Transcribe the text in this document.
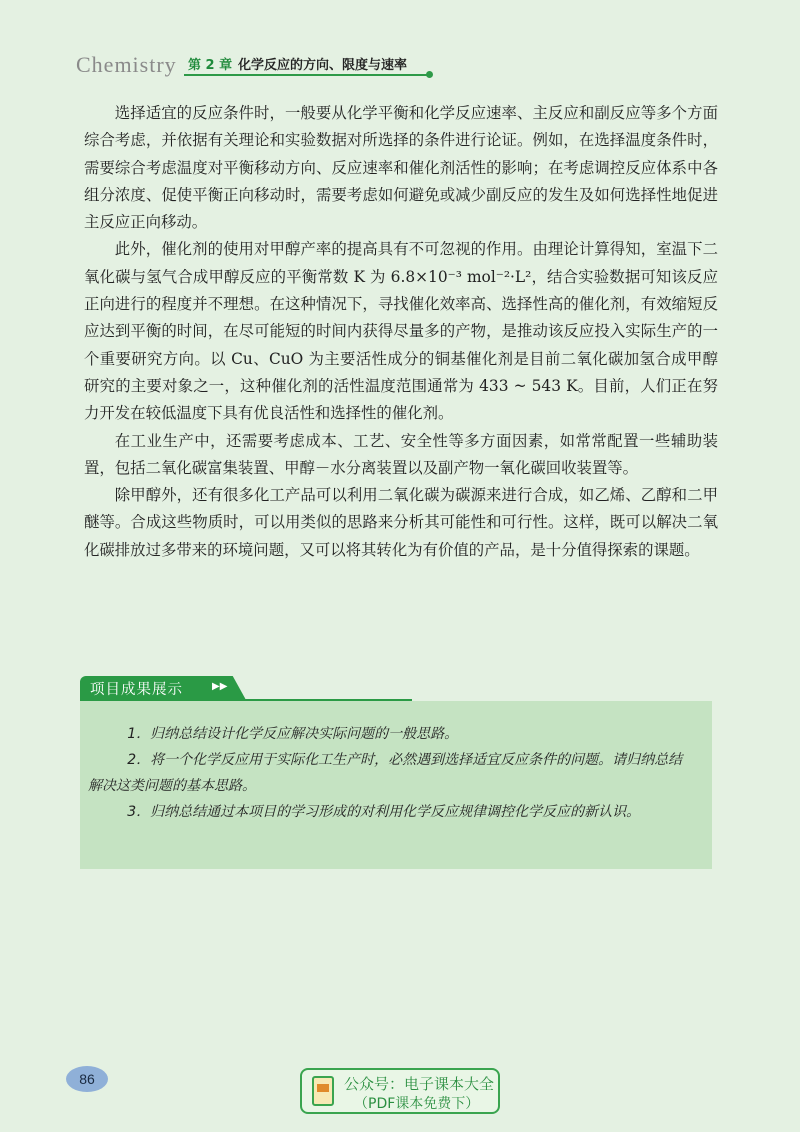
Chemistry 第 2 章 化学反应的方向、限度与速率

选择适宜的反应条件时，一般要从化学平衡和化学反应速率、主反应和副反应等多个方面综合考虑，并依据有关理论和实验数据对所选择的条件进行论证。例如，在选择温度条件时，需要综合考虑温度对平衡移动方向、反应速率和催化剂活性的影响；在考虑调控反应体系中各组分浓度、促使平衡正向移动时，需要考虑如何避免或减少副反应的发生及如何选择性地促进主反应正向移动。

此外，催化剂的使用对甲醇产率的提高具有不可忽视的作用。由理论计算得知，室温下二氧化碳与氢气合成甲醇反应的平衡常数 K 为 6.8×10⁻³ mol⁻²·L²，结合实验数据可知该反应正向进行的程度并不理想。在这种情况下，寻找催化效率高、选择性高的催化剂，有效缩短反应达到平衡的时间，在尽可能短的时间内获得尽量多的产物，是推动该反应投入实际生产的一个重要研究方向。以 Cu、CuO 为主要活性成分的铜基催化剂是目前二氧化碳加氢合成甲醇研究的主要对象之一，这种催化剂的活性温度范围通常为 433 ~ 543 K。目前，人们正在努力开发在较低温度下具有优良活性和选择性的催化剂。

在工业生产中，还需要考虑成本、工艺、安全性等多方面因素，如常常配置一些辅助装置，包括二氧化碳富集装置、甲醇－水分离装置以及副产物一氧化碳回收装置等。

除甲醇外，还有很多化工产品可以利用二氧化碳为碳源来进行合成，如乙烯、乙醇和二甲醚等。合成这些物质时，可以用类似的思路来分析其可能性和可行性。这样，既可以解决二氧化碳排放过多带来的环境问题，又可以将其转化为有价值的产品，是十分值得探索的课题。

项目成果展示	▶▶

1．归纳总结设计化学反应解决实际问题的一般思路。

2．将一个化学反应用于实际化工生产时，必然遇到选择适宜反应条件的问题。请归纳总结解决这类问题的基本思路。

3．归纳总结通过本项目的学习形成的对利用化学反应规律调控化学反应的新认识。

86	公众号：电子课本大全
（PDF课本免费下）
